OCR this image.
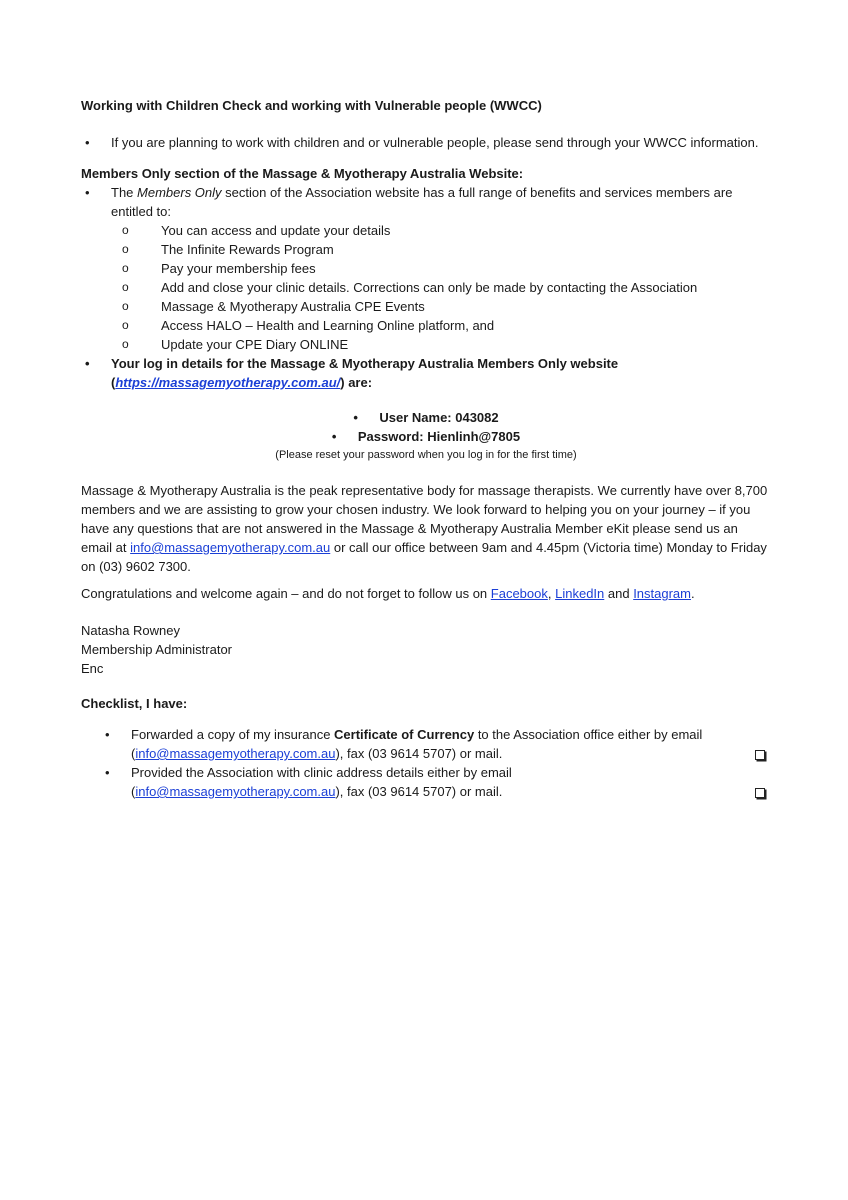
Working with Children Check and working with Vulnerable people (WWCC)
• If you are planning to work with children and or vulnerable people, please send through your WWCC information.
Members Only section of the Massage & Myotherapy Australia Website:
• The Members Only section of the Association website has a full range of benefits and services members are entitled to:
o You can access and update your details
o The Infinite Rewards Program
o Pay your membership fees
o Add and close your clinic details. Corrections can only be made by contacting the Association
o Massage & Myotherapy Australia CPE Events
o Access HALO – Health and Learning Online platform, and
o Update your CPE Diary ONLINE
• Your log in details for the Massage & Myotherapy Australia Members Only website
(https://massagemyotherapy.com.au/) are:
• User Name: 043082
• Password: Hienlinh@7805
(Please reset your password when you log in for the first time)
Massage & Myotherapy Australia is the peak representative body for massage therapists. We currently have over 8,700 members and we are assisting to grow your chosen industry. We look forward to helping you on your journey – if you have any questions that are not answered in the Massage & Myotherapy Australia Member eKit please send us an email at info@massagemyotherapy.com.au or call our office between 9am and 4.45pm (Victoria time) Monday to Friday on (03) 9602 7300.
Congratulations and welcome again – and do not forget to follow us on Facebook, LinkedIn and Instagram.
Natasha Rowney
Membership Administrator
Enc
Checklist, I have:
• Forwarded a copy of my insurance Certificate of Currency to the Association office either by email
(info@massagemyotherapy.com.au), fax (03 9614 5707) or mail.
• Provided the Association with clinic address details either by email
(info@massagemyotherapy.com.au), fax (03 9614 5707) or mail.
